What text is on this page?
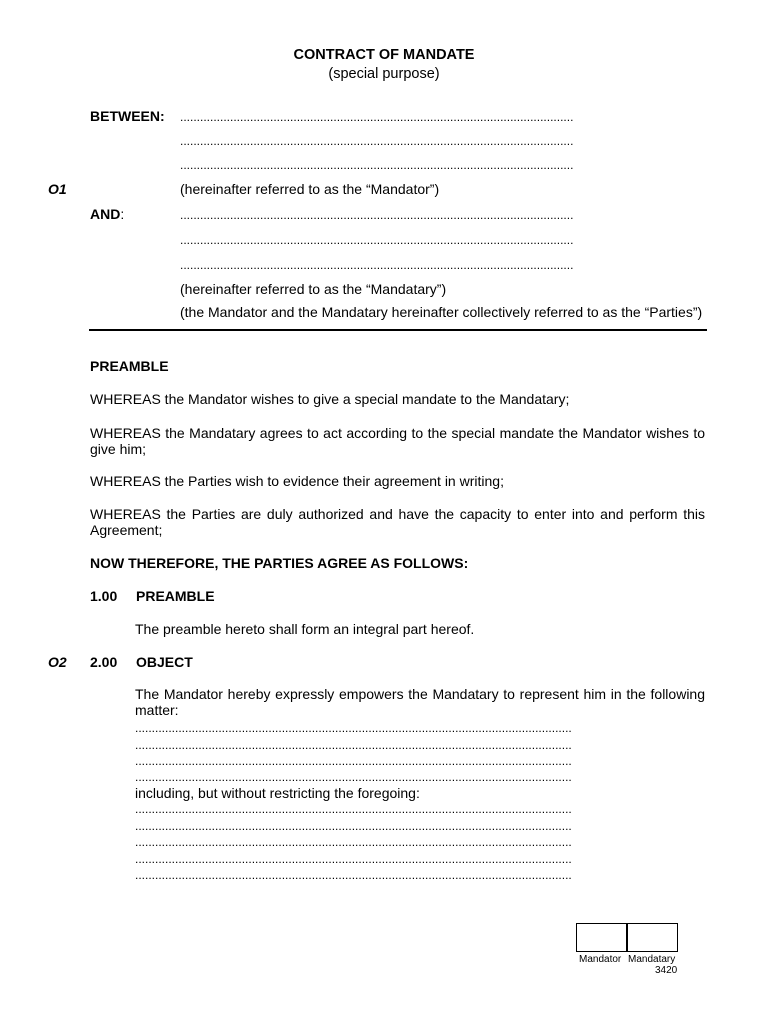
CONTRACT OF MANDATE
(special purpose)
BETWEEN: ......................................................................................................................
......................................................................................................................
......................................................................................................................
O1	(hereinafter referred to as the “Mandator”)
AND:	......................................................................................................................
......................................................................................................................
......................................................................................................................
(hereinafter referred to as the “Mandatary”)
(the Mandator and the Mandatary hereinafter collectively referred to as the “Parties”)
PREAMBLE
WHEREAS the Mandator wishes to give a special mandate to the Mandatary;
WHEREAS the Mandatary agrees to act according to the special mandate the Mandator wishes to give him;
WHEREAS the Parties wish to evidence their agreement in writing;
WHEREAS the Parties are duly authorized and have the capacity to enter into and perform this Agreement;
NOW THEREFORE, THE PARTIES AGREE AS FOLLOWS:
1.00 PREAMBLE
The preamble hereto shall form an integral part hereof.
O2 2.00 OBJECT
The Mandator hereby expressly empowers the Mandatary to represent him in the following matter:
...................................................................................................................................
...................................................................................................................................
...................................................................................................................................
...................................................................................................................................
including, but without restricting the foregoing:
...................................................................................................................................
...................................................................................................................................
...................................................................................................................................
...................................................................................................................................
...................................................................................................................................
Mandator Mandatary
3420
